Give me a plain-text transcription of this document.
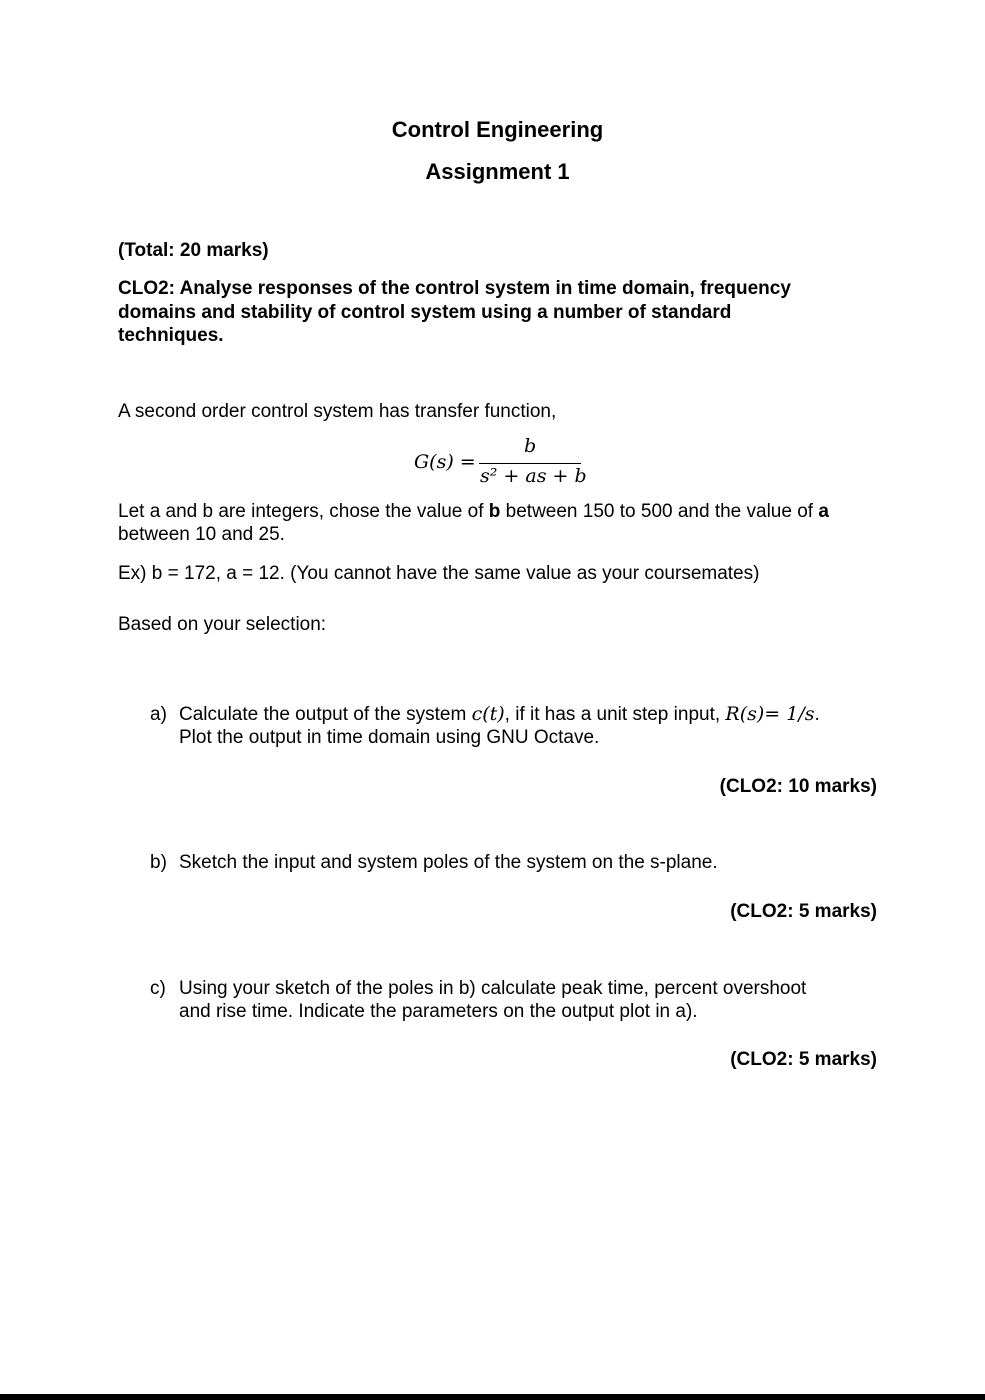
Control Engineering
Assignment 1
(Total: 20 marks)
CLO2: Analyse responses of the control system in time domain, frequency
domains and stability of control system using a number of standard
techniques.
A second order control system has transfer function,
G(s) =
b
s² + as + b
Let a and b are integers, chose the value of b between 150 to 500 and the value of a
between 10 and 25.
Ex) b = 172, a = 12. (You cannot have the same value as your coursemates)
Based on your selection:
a) Calculate the output of the system c(t), if it has a unit step input, R(s)= 1/s.
Plot the output in time domain using GNU Octave.
(CLO2: 10 marks)
b) Sketch the input and system poles of the system on the s-plane.
(CLO2: 5 marks)
c) Using your sketch of the poles in b) calculate peak time, percent overshoot
and rise time. Indicate the parameters on the output plot in a).
(CLO2: 5 marks)
